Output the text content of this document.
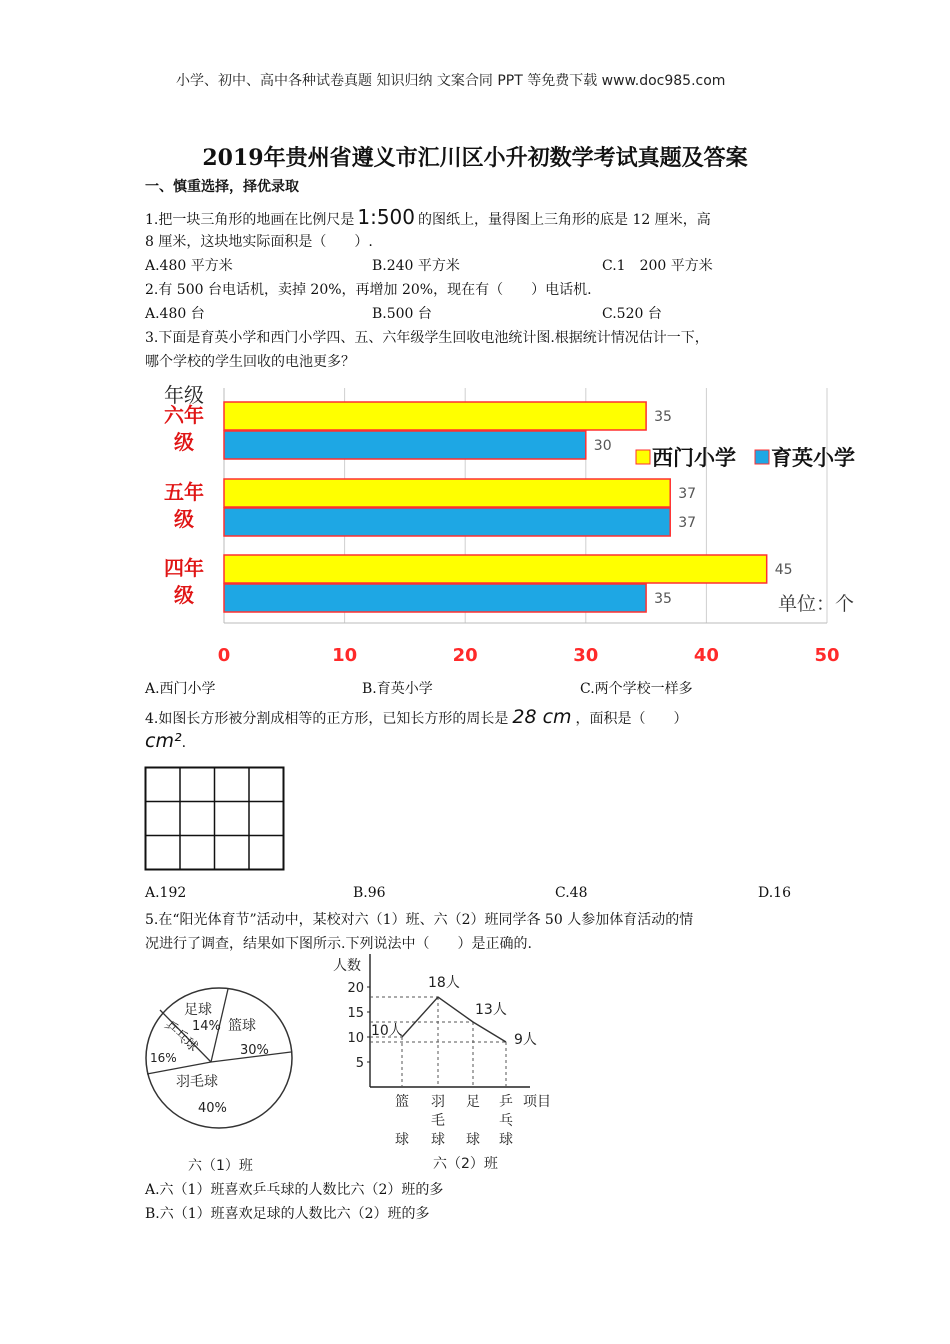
小学、初中、高中各种试卷真题 知识归纳 文案合同 PPT 等免费下载 www.doc985.com
2019年贵州省遵义市汇川区小升初数学考试真题及答案
一、慎重选择，择优录取
1.把一块三角形的地画在比例尺是 1:500 的图纸上，量得图上三角形的底是 12 厘米，高
8 厘米，这块地实际面积是（　　）.
A.480 平方米	B.240 平方米	C.1　200 平方米
2.有 500 台电话机，卖掉 20%，再增加 20%，现在有（　　）电话机.
A.480 台	B.500 台	C.520 台
3.下面是育英小学和西门小学四、五、六年级学生回收电池统计图.根据统计情况估计一下，
哪个学校的学生回收的电池更多？
年级
六年
级
五年
级
四年
级
35
30
37
37
45
35
0	10	20	30	40	50
西门小学 育英小学
单位：个
A.西门小学	B.育英小学	C.两个学校一样多
4.如图长方形被分割成相等的正方形，已知长方形的周长是 28 cm ，面积是（　　）
cm².
A.192	B.96	C.48	D.16
5.在“阳光体育节”活动中，某校对六（1）班、六（2）班同学各 50 人参加体育活动的情
况进行了调查，结果如下图所示.下列说法中（　　）是正确的.
足球
14% 篮球
30%
羽毛球
40%
乒乓球
16%
六（1）班
人数
5
10
15
20
10人
18人
13人
9人
篮
球
羽
毛
球
足
球
乒
乓
球
项目
六（2）班
A.六（1）班喜欢乒乓球的人数比六（2）班的多
B.六（1）班喜欢足球的人数比六（2）班的多
